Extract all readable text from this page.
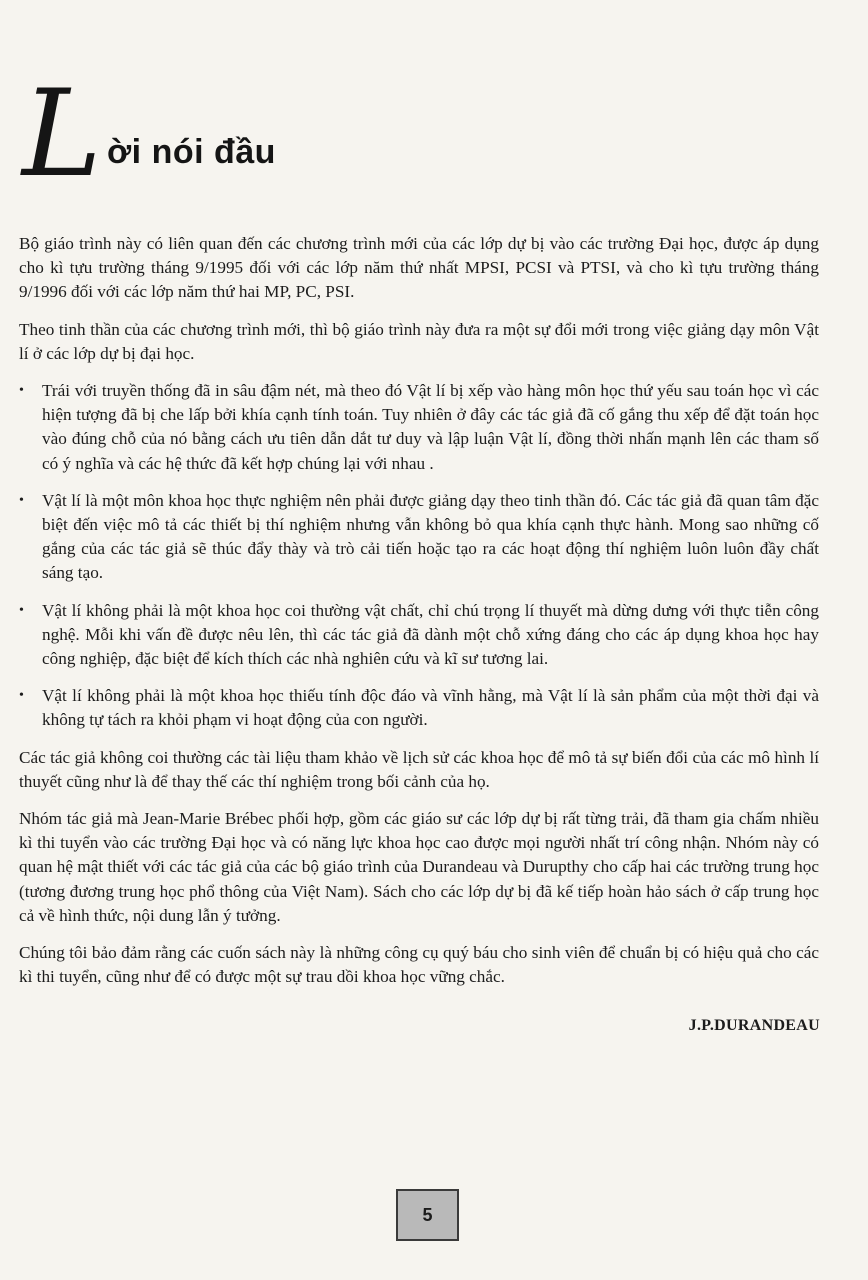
L ời nói đầu

Bộ giáo trình này có liên quan đến các chương trình mới của các lớp dự bị vào các trường Đại học, được áp dụng cho kì tựu trường tháng 9/1995 đối với các lớp năm thứ nhất MPSI, PCSI và PTSI, và cho kì tựu trường tháng 9/1996 đối với các lớp năm thứ hai MP, PC, PSI.

Theo tinh thần của các chương trình mới, thì bộ giáo trình này đưa ra một sự đổi mới trong việc giảng dạy môn Vật lí ở các lớp dự bị đại học.

•	Trái với truyền thống đã in sâu đậm nét, mà theo đó Vật lí bị xếp vào hàng môn học thứ yếu sau toán học vì các hiện tượng đã bị che lấp bởi khía cạnh tính toán. Tuy nhiên ở đây các tác giả đã cố gắng thu xếp để đặt toán học vào đúng chỗ của nó bằng cách ưu tiên dẫn dắt tư duy và lập luận Vật lí, đồng thời nhấn mạnh lên các tham số có ý nghĩa và các hệ thức đã kết hợp chúng lại với nhau .
•	Vật lí là một môn khoa học thực nghiệm nên phải được giảng dạy theo tinh thần đó. Các tác giả đã quan tâm đặc biệt đến việc mô tả các thiết bị thí nghiệm nhưng vẫn không bỏ qua khía cạnh thực hành. Mong sao những cố gắng của các tác giả sẽ thúc đẩy thày và trò cải tiến hoặc tạo ra các hoạt động thí nghiệm luôn luôn đầy chất sáng tạo.
•	Vật lí không phải là một khoa học coi thường vật chất, chỉ chú trọng lí thuyết mà dừng dưng với thực tiễn công nghệ. Mỗi khi vấn đề được nêu lên, thì các tác giả đã dành một chỗ xứng đáng cho các áp dụng khoa học hay công nghiệp, đặc biệt để kích thích các nhà nghiên cứu và kĩ sư tương lai.
•	Vật lí không phải là một khoa học thiếu tính độc đáo và vĩnh hằng, mà Vật lí là sản phẩm của một thời đại và không tự tách ra khỏi phạm vi hoạt động của con người.

Các tác giả không coi thường các tài liệu tham khảo về lịch sử các khoa học để mô tả sự biến đổi của các mô hình lí thuyết cũng như là để thay thế các thí nghiệm trong bối cảnh của họ.

Nhóm tác giả mà Jean-Marie Brébec phối hợp, gồm các giáo sư các lớp dự bị rất từng trải, đã tham gia chấm nhiều kì thi tuyển vào các trường Đại học và có năng lực khoa học cao được mọi người nhất trí công nhận. Nhóm này có quan hệ mật thiết với các tác giả của các bộ giáo trình của Durandeau và Durupthy cho cấp hai các trường trung học (tương đương trung học phổ thông của Việt Nam). Sách cho các lớp dự bị đã kế tiếp hoàn hảo sách ở cấp trung học cả về hình thức, nội dung lẫn ý tưởng.

Chúng tôi bảo đảm rằng các cuốn sách này là những công cụ quý báu cho sinh viên để chuẩn bị có hiệu quả cho các kì thi tuyển, cũng như để có được một sự trau dồi khoa học vững chắc.

J.P.DURANDEAU
5
